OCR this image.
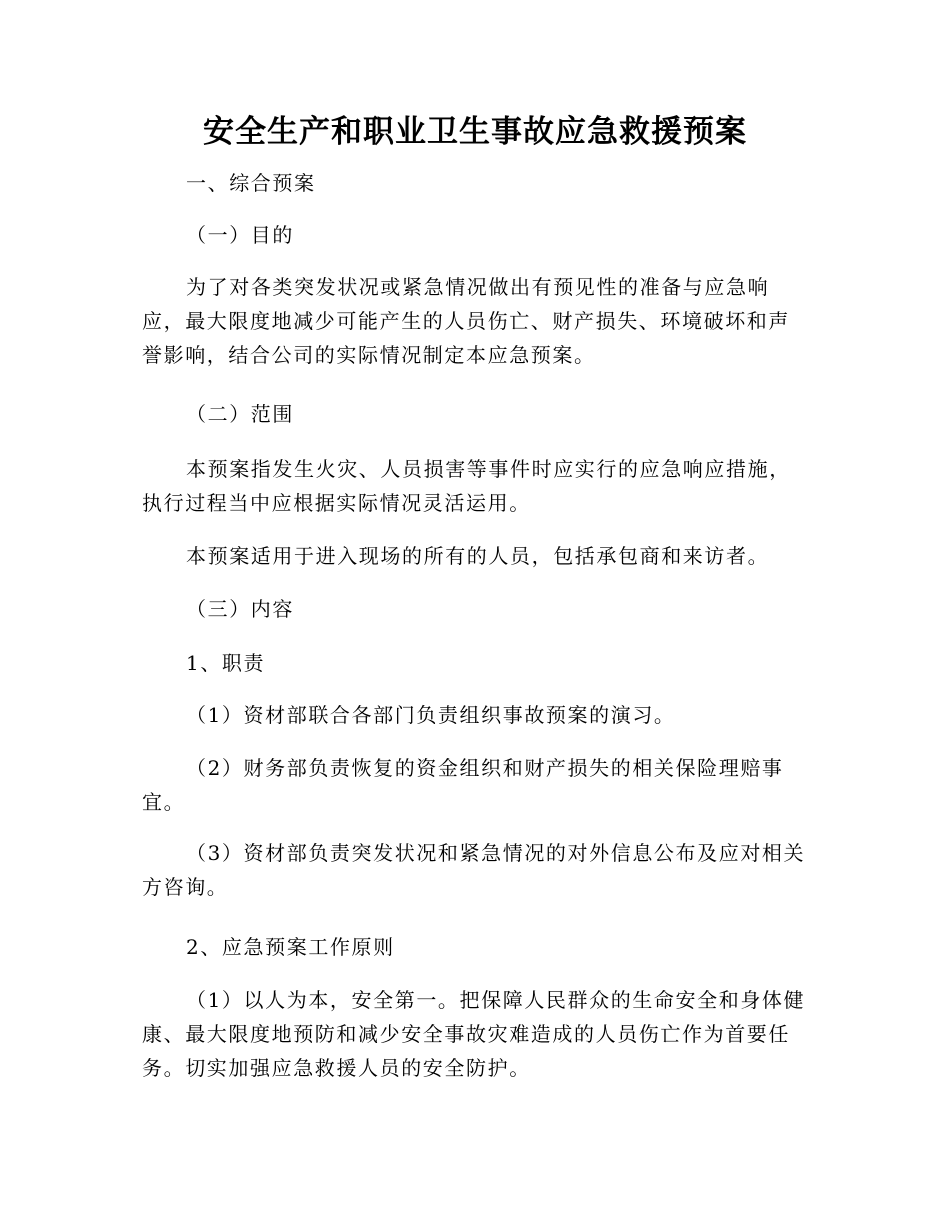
安全生产和职业卫生事故应急救援预案

一、综合预案

（一）目的

为了对各类突发状况或紧急情况做出有预见性的准备与应急响应，最大限度地减少可能产生的人员伤亡、财产损失、环境破坏和声誉影响，结合公司的实际情况制定本应急预案。

（二）范围

本预案指发生火灾、人员损害等事件时应实行的应急响应措施，执行过程当中应根据实际情况灵活运用。

本预案适用于进入现场的所有的人员，包括承包商和来访者。

（三）内容

1、职责

（1）资材部联合各部门负责组织事故预案的演习。

（2）财务部负责恢复的资金组织和财产损失的相关保险理赔事宜。

（3）资材部负责突发状况和紧急情况的对外信息公布及应对相关方咨询。

2、应急预案工作原则

（1）以人为本，安全第一。把保障人民群众的生命安全和身体健康、最大限度地预防和减少安全事故灾难造成的人员伤亡作为首要任务。切实加强应急救援人员的安全防护。
